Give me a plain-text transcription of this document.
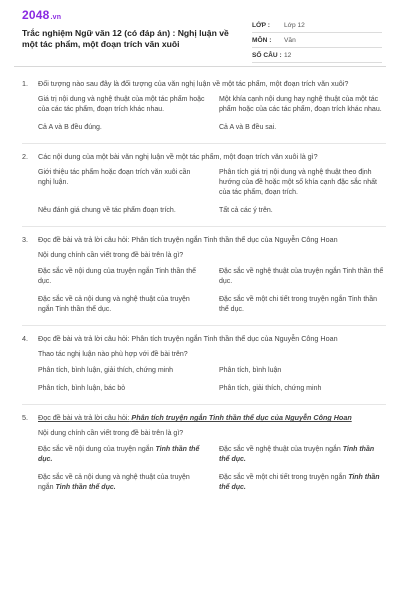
2048.vn
Trắc nghiệm Ngữ văn 12 (có đáp án) : Nghị luận về một tác phẩm, một đoạn trích văn xuôi
LỚP :	Lớp 12
MÔN :	Văn
SỐ CÂU : 12
1.	Đối tượng nào sau đây là đối tượng của văn nghị luận về một tác phẩm, một đoạn trích văn xuôi?
Giá trị nội dung và nghệ thuật của một tác phẩm hoặc của các tác phẩm, đoạn trích khác nhau.
Một khía cạnh nội dung hay nghệ thuật của một tác phẩm hoặc của các tác phẩm, đoạn trích khác nhau.
Cả A và B đều đúng.	Cả A và B đều sai.
2.	Các nội dung của một bài văn nghị luận về một tác phẩm, một đoạn trích văn xuôi là gì?
Giới thiệu tác phẩm hoặc đoạn trích văn xuôi cần nghị luận.
Phân tích giá trị nội dung và nghệ thuật theo định hướng của đề hoặc một số khía cạnh đặc sắc nhất của tác phẩm, đoạn trích.
Nêu đánh giá chung về tác phẩm đoạn trích.	Tất cả các ý trên.
3.	Đọc đề bài và trả lời câu hỏi: Phân tích truyện ngắn Tinh thần thể dục của Nguyễn Công Hoan
Nội dung chính cần viết trong đề bài trên là gì?
Đặc sắc về nội dung của truyện ngắn Tinh thần thể dục.
Đặc sắc về nghệ thuật của truyện ngắn Tinh thần thể dục.
Đặc sắc về cả nội dung và nghệ thuật của truyện ngắn Tinh thần thể dục.
Đặc sắc về một chi tiết trong truyện ngắn Tinh thần thể dục.
4.	Đọc đề bài và trả lời câu hỏi: Phân tích truyện ngắn Tinh thần thể dục của Nguyễn Công Hoan
Thao tác nghị luận nào phù hợp với đề bài trên?
Phân tích, bình luận, giải thích, chứng minh	Phân tích, bình luận
Phân tích, bình luận, bác bỏ	Phân tích, giải thích, chứng minh
5.	Đọc đề bài và trả lời câu hỏi: Phân tích truyện ngắn Tinh thần thể dục của Nguyễn Công Hoan
Nội dung chính cần viết trong đề bài trên là gì?
Đặc sắc về nội dung của truyện ngắn Tinh thần thể dục.
Đặc sắc về nghệ thuật của truyện ngắn Tinh thần thể dục.
Đặc sắc về cả nội dung và nghệ thuật của truyện ngắn Tinh thần thể dục.
Đặc sắc về một chi tiết trong truyện ngắn Tinh thần thể dục.
